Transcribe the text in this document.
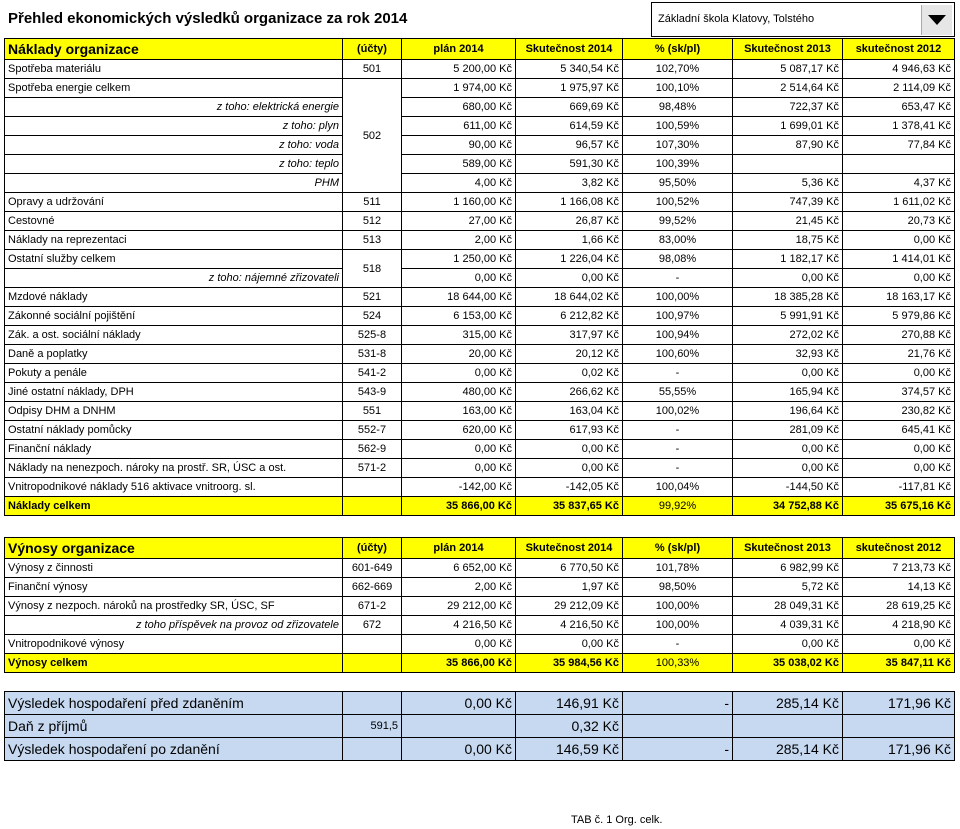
Přehled ekonomických výsledků organizace za rok 2014	Základní škola Klatovy, Tolstého
Náklady organizace	(účty)	plán 2014	Skutečnost 2014	% (sk/pl)	Skutečnost 2013	skutečnost 2012
Spotřeba materiálu	501	5 200,00 Kč	5 340,54 Kč	102,70%	5 087,17 Kč	4 946,63 Kč
Spotřeba energie celkem	502	1 974,00 Kč	1 975,97 Kč	100,10%	2 514,64 Kč	2 114,09 Kč
z toho: elektrická energie		680,00 Kč	669,69 Kč	98,48%	722,37 Kč	653,47 Kč
z toho: plyn		611,00 Kč	614,59 Kč	100,59%	1 699,01 Kč	1 378,41 Kč
z toho: voda		90,00 Kč	96,57 Kč	107,30%	87,90 Kč	77,84 Kč
z toho: teplo		589,00 Kč	591,30 Kč	100,39%		
PHM		4,00 Kč	3,82 Kč	95,50%	5,36 Kč	4,37 Kč
Opravy a udržování	511	1 160,00 Kč	1 166,08 Kč	100,52%	747,39 Kč	1 611,02 Kč
Cestovné	512	27,00 Kč	26,87 Kč	99,52%	21,45 Kč	20,73 Kč
Náklady na reprezentaci	513	2,00 Kč	1,66 Kč	83,00%	18,75 Kč	0,00 Kč
Ostatní služby celkem	518	1 250,00 Kč	1 226,04 Kč	98,08%	1 182,17 Kč	1 414,01 Kč
z toho: nájemné zřizovateli		0,00 Kč	0,00 Kč	-	0,00 Kč	0,00 Kč
Mzdové náklady	521	18 644,00 Kč	18 644,02 Kč	100,00%	18 385,28 Kč	18 163,17 Kč
Zákonné sociální pojištění	524	6 153,00 Kč	6 212,82 Kč	100,97%	5 991,91 Kč	5 979,86 Kč
Zák. a ost. sociální náklady	525-8	315,00 Kč	317,97 Kč	100,94%	272,02 Kč	270,88 Kč
Daně a poplatky	531-8	20,00 Kč	20,12 Kč	100,60%	32,93 Kč	21,76 Kč
Pokuty a penále	541-2	0,00 Kč	0,02 Kč	-	0,00 Kč	0,00 Kč
Jiné ostatní náklady, DPH	543-9	480,00 Kč	266,62 Kč	55,55%	165,94 Kč	374,57 Kč
Odpisy DHM a DNHM	551	163,00 Kč	163,04 Kč	100,02%	196,64 Kč	230,82 Kč
Ostatní náklady pomůcky	552-7	620,00 Kč	617,93 Kč	-	281,09 Kč	645,41 Kč
Finanční náklady	562-9	0,00 Kč	0,00 Kč	-	0,00 Kč	0,00 Kč
Náklady na nenezpoch. nároky na prostř. SR, ÚSC a ost.	571-2	0,00 Kč	0,00 Kč	-	0,00 Kč	0,00 Kč
Vnitropodnikové náklady 516 aktivace vnitroorg. sl.		-142,00 Kč	-142,05 Kč	100,04%	-144,50 Kč	-117,81 Kč
Náklady celkem		35 866,00 Kč	35 837,65 Kč	99,92%	34 752,88 Kč	35 675,16 Kč
Výnosy organizace	(účty)	plán 2014	Skutečnost 2014	% (sk/pl)	Skutečnost 2013	skutečnost 2012
Výnosy z činnosti	601-649	6 652,00 Kč	6 770,50 Kč	101,78%	6 982,99 Kč	7 213,73 Kč
Finanční výnosy	662-669	2,00 Kč	1,97 Kč	98,50%	5,72 Kč	14,13 Kč
Výnosy z nezpoch. nároků na prostředky SR, ÚSC, SF	671-2	29 212,00 Kč	29 212,09 Kč	100,00%	28 049,31 Kč	28 619,25 Kč
z toho příspěvek na provoz od zřizovatele	672	4 216,50 Kč	4 216,50 Kč	100,00%	4 039,31 Kč	4 218,90 Kč
Vnitropodnikové výnosy		0,00 Kč	0,00 Kč	-	0,00 Kč	0,00 Kč
Výnosy celkem		35 866,00 Kč	35 984,56 Kč	100,33%	35 038,02 Kč	35 847,11 Kč
Výsledek hospodaření před zdaněním		0,00 Kč	146,91 Kč	-	285,14 Kč	171,96 Kč
Daň z příjmů	591,5		0,32 Kč			
Výsledek hospodaření po zdanění		0,00 Kč	146,59 Kč	-	285,14 Kč	171,96 Kč
TAB č. 1 Org. celk.
